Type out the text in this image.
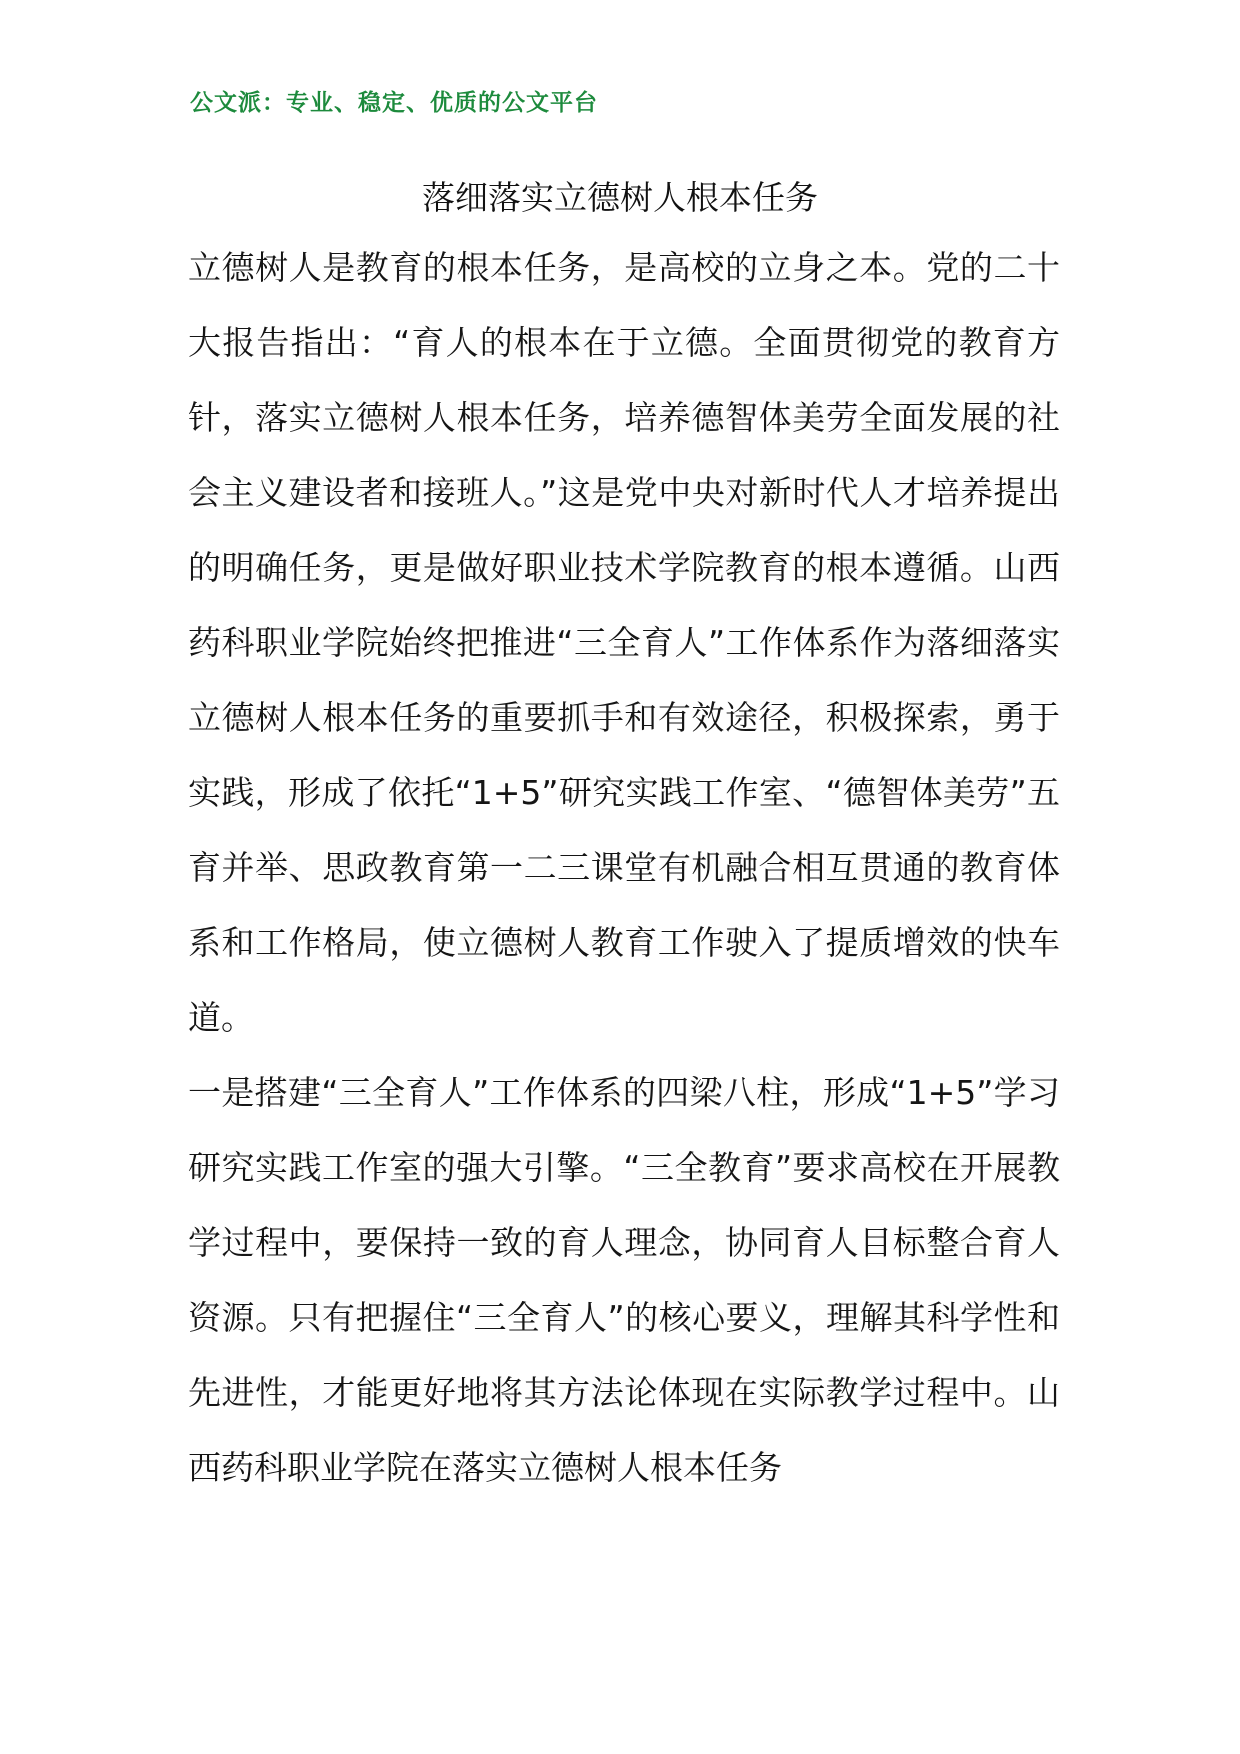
公文派：专业、稳定、优质的公文平台
落细落实立德树人根本任务

立德树人是教育的根本任务，是高校的立身之本。党的二十大报告指出：“育人的根本在于立德。全面贯彻党的教育方针，落实立德树人根本任务，培养德智体美劳全面发展的社会主义建设者和接班人。”这是党中央对新时代人才培养提出的明确任务，更是做好职业技术学院教育的根本遵循。山西药科职业学院始终把推进“三全育人”工作体系作为落细落实立德树人根本任务的重要抓手和有效途径，积极探索，勇于实践，形成了依托“1+5”研究实践工作室、“德智体美劳”五育并举、思政教育第一二三课堂有机融合相互贯通的教育体系和工作格局，使立德树人教育工作驶入了提质增效的快车道。

一是搭建“三全育人”工作体系的四梁八柱，形成“1+5”学习研究实践工作室的强大引擎。“三全教育”要求高校在开展教学过程中，要保持一致的育人理念，协同育人目标整合育人资源。只有把握住“三全育人”的核心要义，理解其科学性和先进性，才能更好地将其方法论体现在实际教学过程中。山西药科职业学院在落实立德树人根本任务
